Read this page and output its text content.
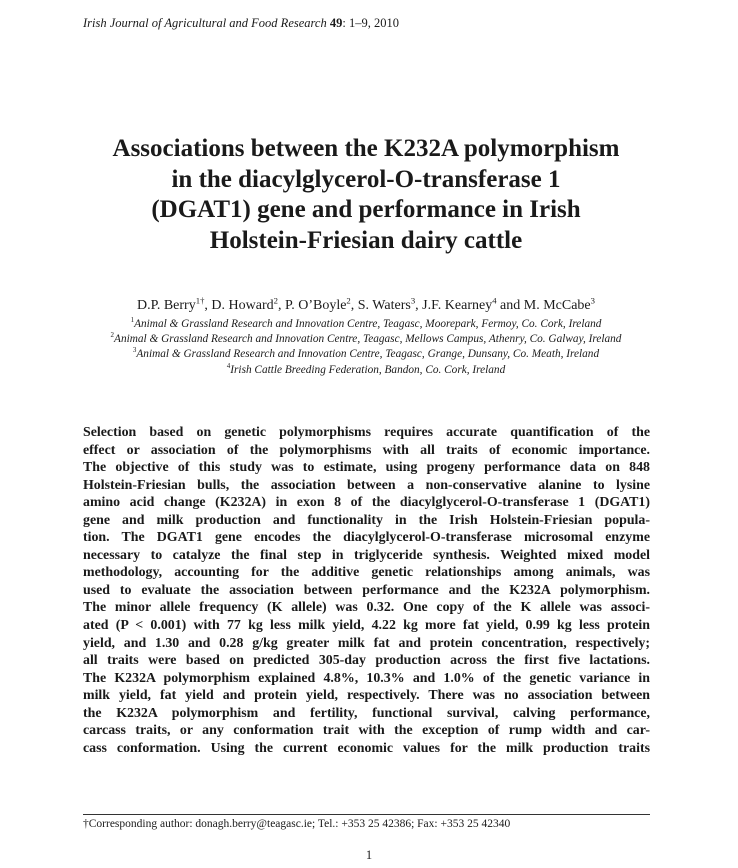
Irish Journal of Agricultural and Food Research 49: 1–9, 2010
Associations between the K232A polymorphism
in the diacylglycerol-O-transferase 1
(DGAT1) gene and performance in Irish
Holstein-Friesian dairy cattle
D.P. Berry$^{1\dagger}$, D. Howard$^2$, P. O’Boyle$^2$, S. Waters$^3$, J.F. Kearney$^4$ and M. McCabe$^3$
$^1$Animal & Grassland Research and Innovation Centre, Teagasc, Moorepark, Fermoy, Co. Cork, Ireland
$^2$Animal & Grassland Research and Innovation Centre, Teagasc, Mellows Campus, Athenry, Co. Galway, Ireland
$^3$Animal & Grassland Research and Innovation Centre, Teagasc, Grange, Dunsany, Co. Meath, Ireland
$^4$Irish Cattle Breeding Federation, Bandon, Co. Cork, Ireland
Selection based on genetic polymorphisms requires accurate quantification of the
effect or association of the polymorphisms with all traits of economic importance.
The objective of this study was to estimate, using progeny performance data on 848
Holstein-Friesian bulls, the association between a non-conservative alanine to lysine
amino acid change (K232A) in exon 8 of the diacylglycerol-O-transferase 1 (DGAT1)
gene and milk production and functionality in the Irish Holstein-Friesian popula-
tion. The DGAT1 gene encodes the diacylglycerol-O-transferase microsomal enzyme
necessary to catalyze the final step in triglyceride synthesis. Weighted mixed model
methodology, accounting for the additive genetic relationships among animals, was
used to evaluate the association between performance and the K232A polymorphism.
The minor allele frequency (K allele) was 0.32. One copy of the K allele was associ-
ated (P < 0.001) with 77 kg less milk yield, 4.22 kg more fat yield, 0.99 kg less protein
yield, and 1.30 and 0.28 g/kg greater milk fat and protein concentration, respectively;
all traits were based on predicted 305-day production across the first five lactations.
The K232A polymorphism explained 4.8%, 10.3% and 1.0% of the genetic variance in
milk yield, fat yield and protein yield, respectively. There was no association between
the K232A polymorphism and fertility, functional survival, calving performance,
carcass traits, or any conformation trait with the exception of rump width and car-
cass conformation. Using the current economic values for the milk production traits
†Corresponding author: donagh.berry@teagasc.ie; Tel.: +353 25 42386; Fax: +353 25 42340
1
